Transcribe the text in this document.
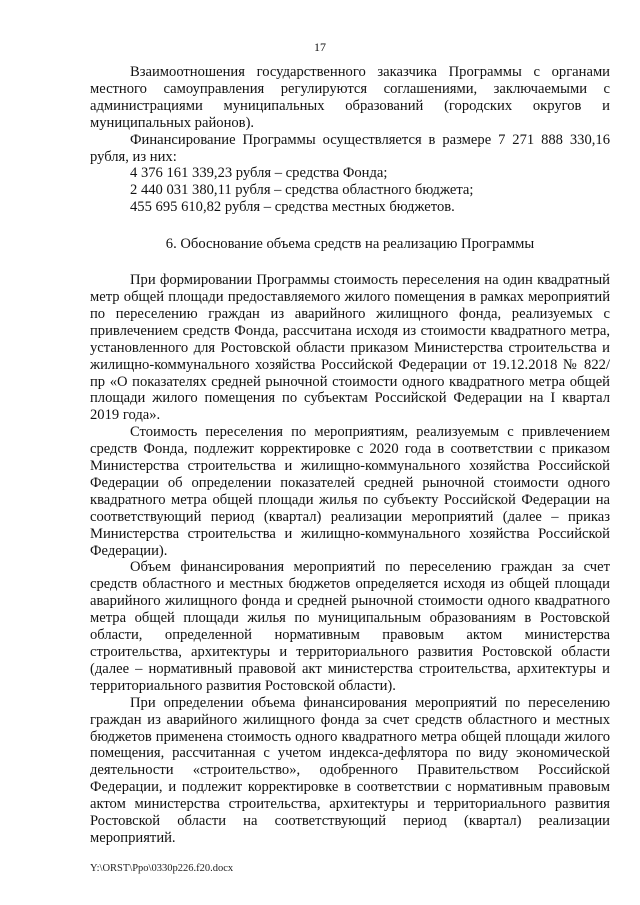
17

Взаимоотношения государственного заказчика Программы с органами местного самоуправления регулируются соглашениями, заключаемыми с администрациями муниципальных образований (городских округов и муниципальных районов).

Финансирование Программы осуществляется в размере 7 271 888 330,16 рубля, из них:

4 376 161 339,23 рубля – средства Фонда;

2 440 031 380,11 рубля – средства областного бюджета;

455 695 610,82 рубля – средства местных бюджетов.

6. Обоснование объема средств на реализацию Программы

При формировании Программы стоимость переселения на один квадратный метр общей площади предоставляемого жилого помещения в рамках мероприятий по переселению граждан из аварийного жилищного фонда, реализуемых с привлечением средств Фонда, рассчитана исходя из стоимости квадратного метра, установленного для Ростовской области приказом Министерства строительства и жилищно-коммунального хозяйства Российской Федерации от 19.12.2018 № 822/пр «О показателях средней рыночной стоимости одного квадратного метра общей площади жилого помещения по субъектам Российской Федерации на I квартал 2019 года».

Стоимость переселения по мероприятиям, реализуемым с привлечением средств Фонда, подлежит корректировке с 2020 года в соответствии с приказом Министерства строительства и жилищно-коммунального хозяйства Российской Федерации об определении показателей средней рыночной стоимости одного квадратного метра общей площади жилья по субъекту Российской Федерации на соответствующий период (квартал) реализации мероприятий (далее – приказ Министерства строительства и жилищно-коммунального хозяйства Российской Федерации).

Объем финансирования мероприятий по переселению граждан за счет средств областного и местных бюджетов определяется исходя из общей площади аварийного жилищного фонда и средней рыночной стоимости одного квадратного метра общей площади жилья по муниципальным образованиям в Ростовской области, определенной нормативным правовым актом министерства строительства, архитектуры и территориального развития Ростовской области (далее – нормативный правовой акт министерства строительства, архитектуры и территориального развития Ростовской области).

При определении объема финансирования мероприятий по переселению граждан из аварийного жилищного фонда за счет средств областного и местных бюджетов применена стоимость одного квадратного метра общей площади жилого помещения, рассчитанная с учетом индекса-дефлятора по виду экономической деятельности «строительство», одобренного Правительством Российской Федерации, и подлежит корректировке в соответствии с нормативным правовым актом министерства строительства, архитектуры и территориального развития Ростовской области на соответствующий период (квартал) реализации мероприятий.

Y:\ORST\Ppo\0330p226.f20.docx
